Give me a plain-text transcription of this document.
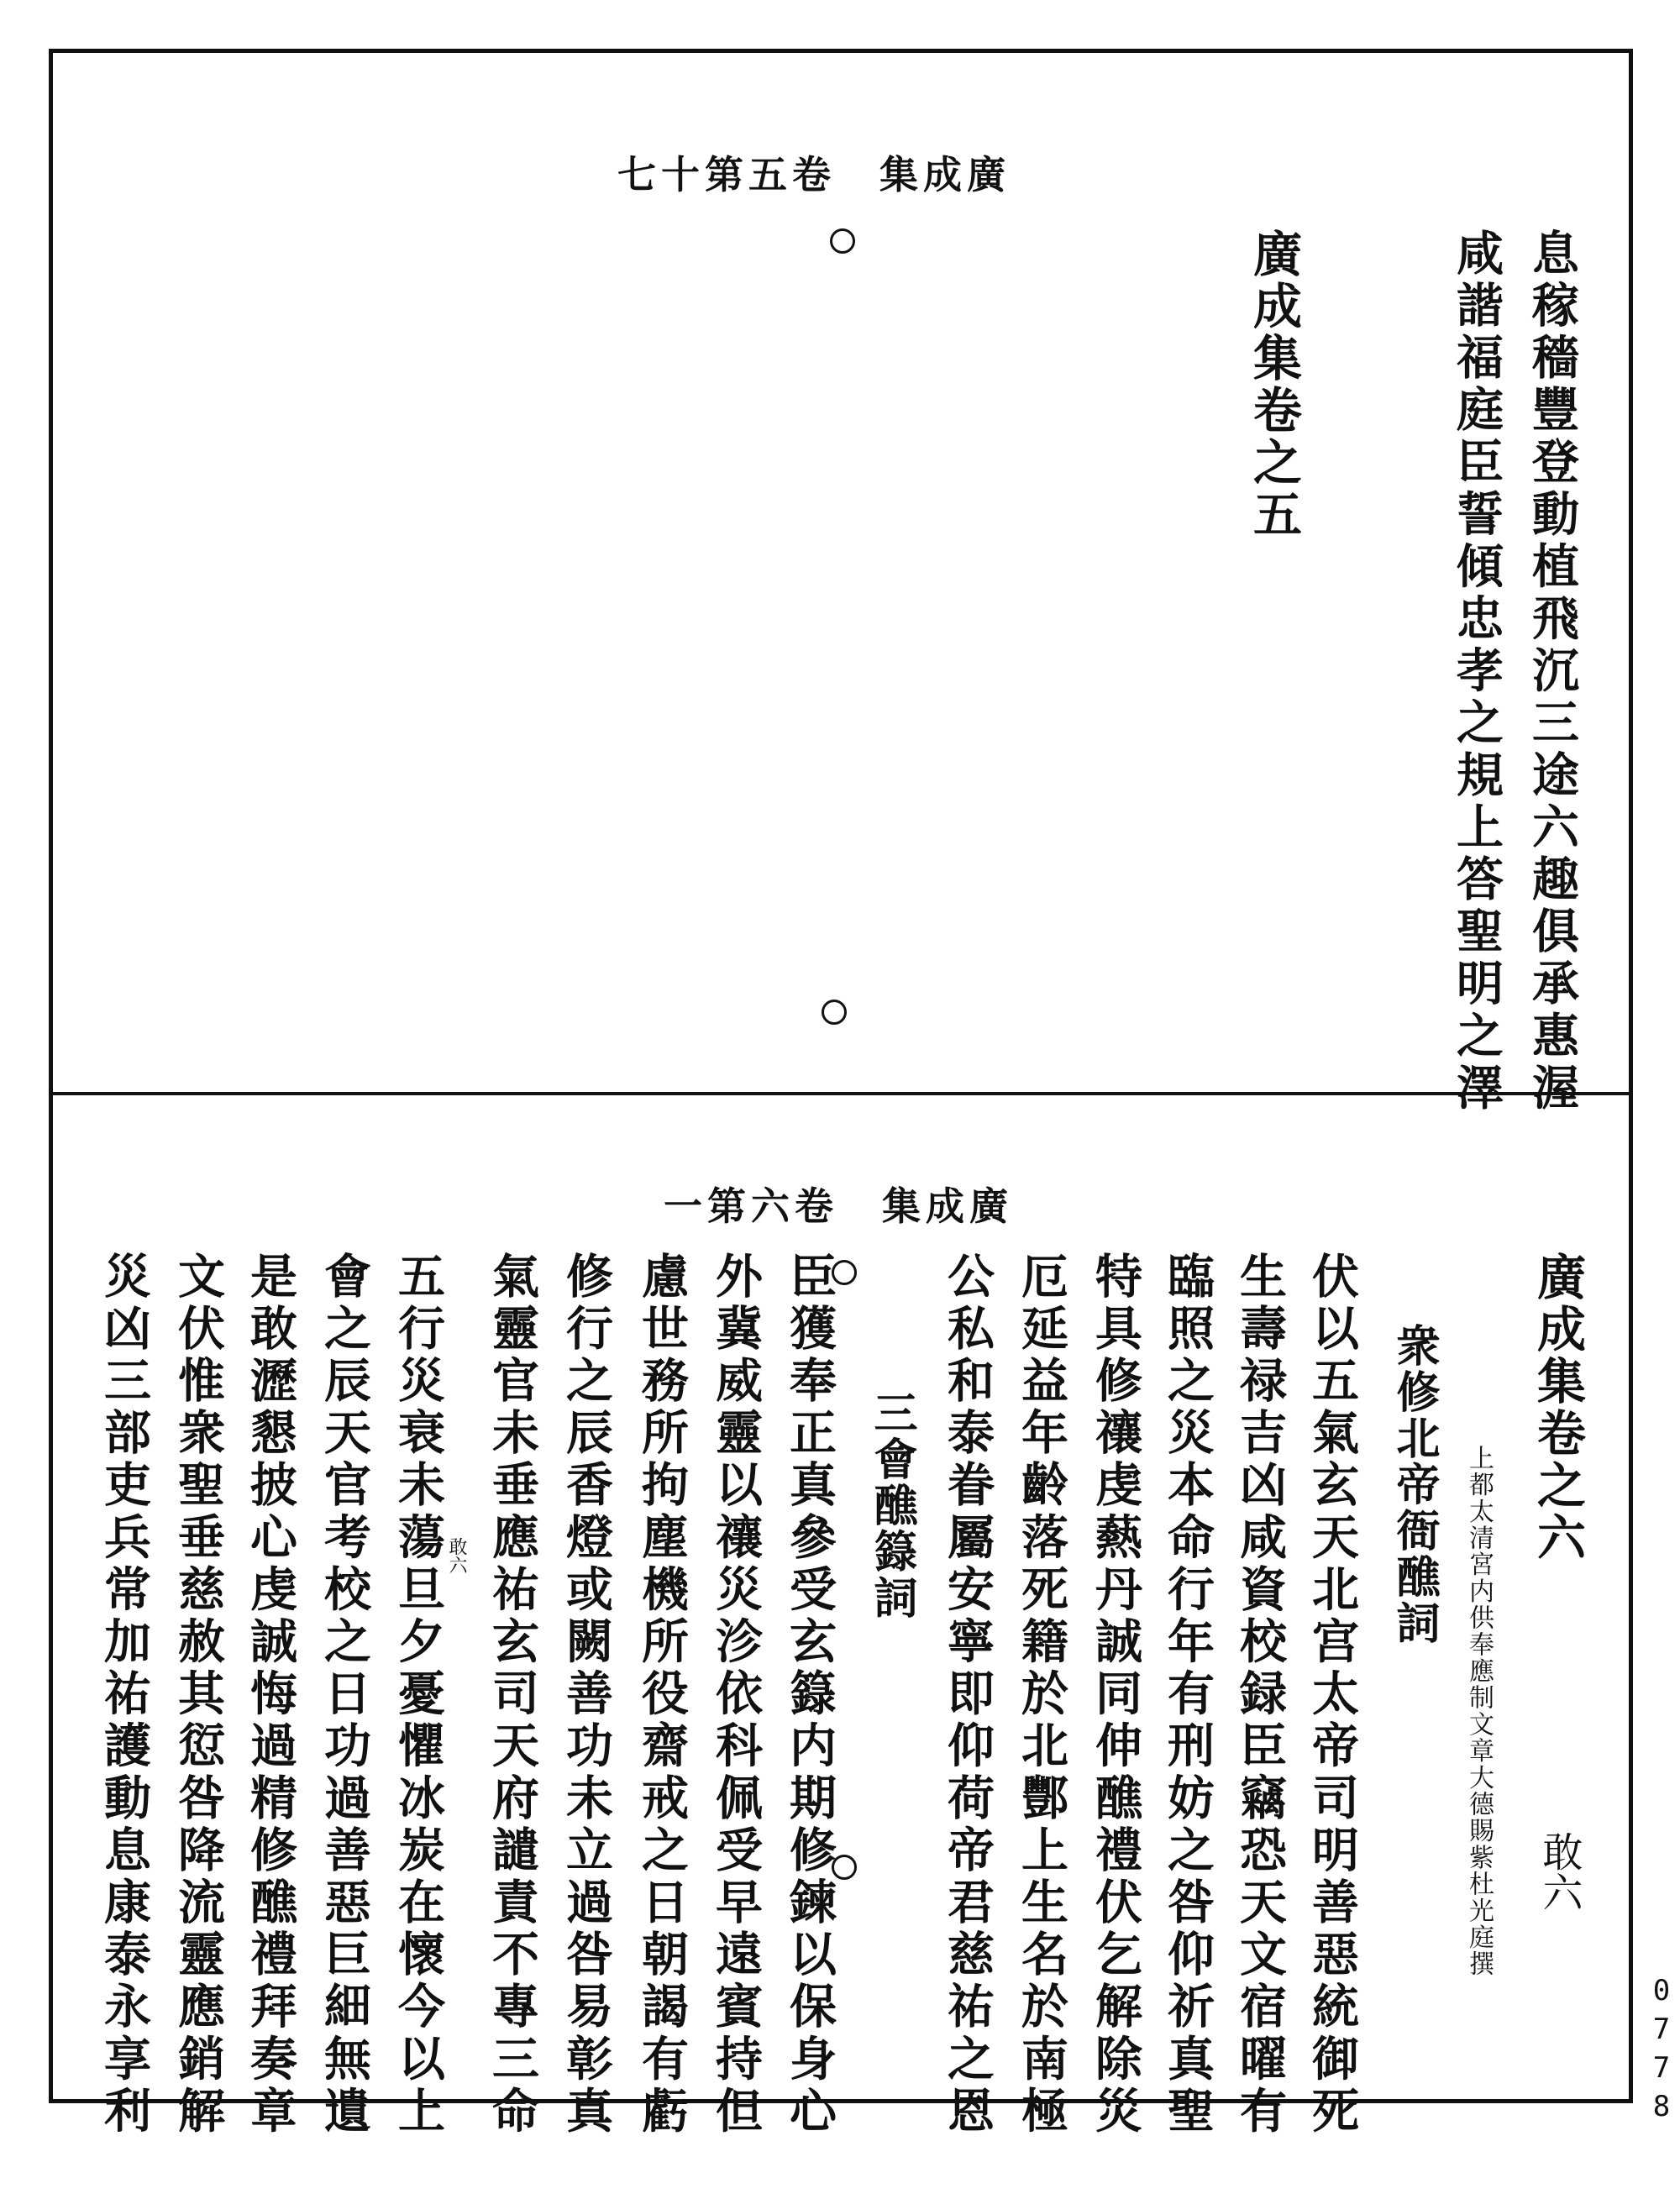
七十第五卷　集成廣
息稼穡豐登動植飛沉三途六趣俱承惠渥
咸諧福庭臣誓傾忠孝之規上答聖明之澤
廣成集卷之五
一第六卷　集成廣
廣成集卷之六
敢六
上都太清宮内供奉應制文章大德賜紫杜光庭撰
衆修北帝衙醮詞
伏以五氣玄天北宫太帝司明善惡統御死
生壽禄吉凶咸資校録臣竊恐天文宿曜有
臨照之災本命行年有刑妨之咎仰祈真聖
特具修禳虔爇丹誠同伸醮禮伏乞解除災
厄延益年齡落死籍於北酆上生名於南極
公私和泰眷屬安寧即仰荷帝君慈祐之恩
三會醮籙詞
臣獲奉正真參受玄籙内期修鍊以保身心
外冀威靈以禳災沴依科佩受早遠賓持但
慮世務所拘塵機所役齋戒之日朝謁有虧
修行之辰香燈或闕善功未立過咎易彰真
氣靈官未垂應祐玄司天府譴責不專三命
敢六
五行災衰未蕩旦夕憂懼冰炭在懷今以上
會之辰天官考校之日功過善惡巨細無遺
是敢瀝懇披心虔誠悔過精修醮禮拜奏章
文伏惟衆聖垂慈赦其愆咎降流靈應銷解
災凶三部吏兵常加祐護動息康泰永享利	0778
